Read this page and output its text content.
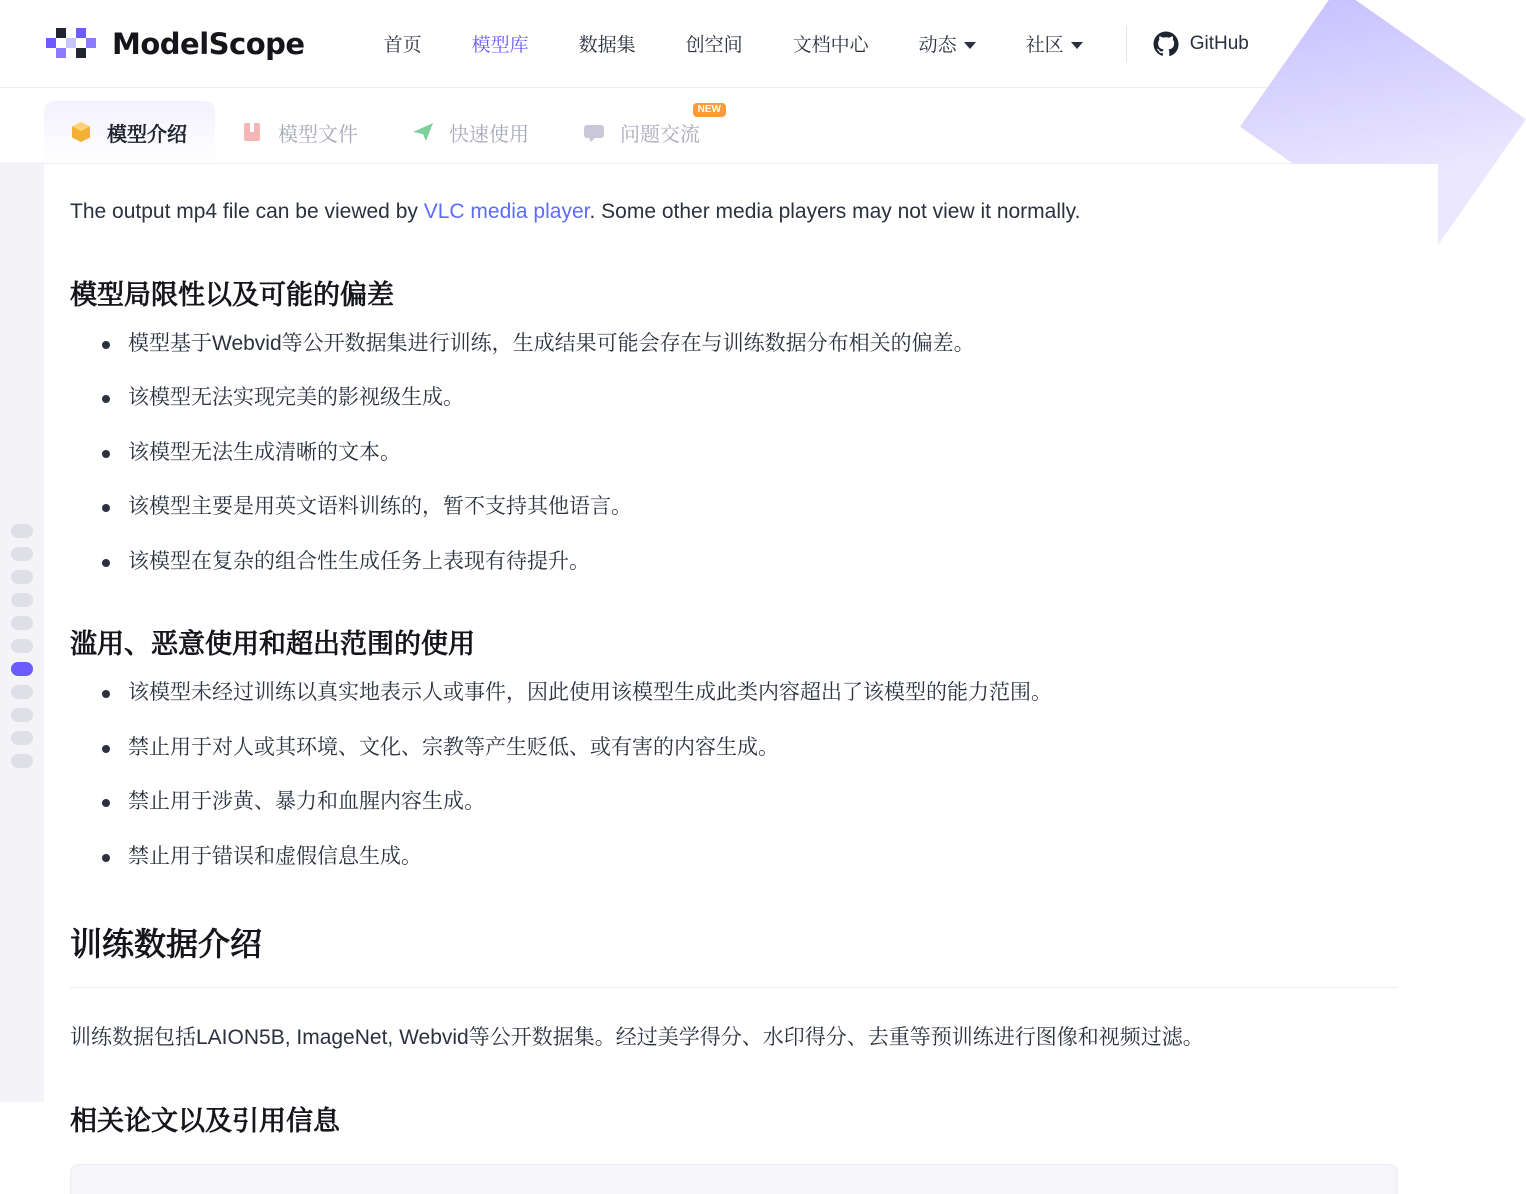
ModelScope	首页	模型库	数据集	创空间	文档中心	动态	社区	GitHub
模型介绍	模型文件	快速使用	问题交流
NEW

The output mp4 file can be viewed by VLC media player. Some other media players may not view it normally.

模型局限性以及可能的偏差
模型基于Webvid等公开数据集进行训练，生成结果可能会存在与训练数据分布相关的偏差。
该模型无法实现完美的影视级生成。
该模型无法生成清晰的文本。
该模型主要是用英文语料训练的，暂不支持其他语言。
该模型在复杂的组合性生成任务上表现有待提升。
滥用、恶意使用和超出范围的使用
该模型未经过训练以真实地表示人或事件，因此使用该模型生成此类内容超出了该模型的能力范围。
禁止用于对人或其环境、文化、宗教等产生贬低、或有害的内容生成。
禁止用于涉黄、暴力和血腥内容生成。
禁止用于错误和虚假信息生成。
训练数据介绍

训练数据包括LAION5B, ImageNet, Webvid等公开数据集。经过美学得分、水印得分、去重等预训练进行图像和视频过滤。

相关论文以及引用信息
